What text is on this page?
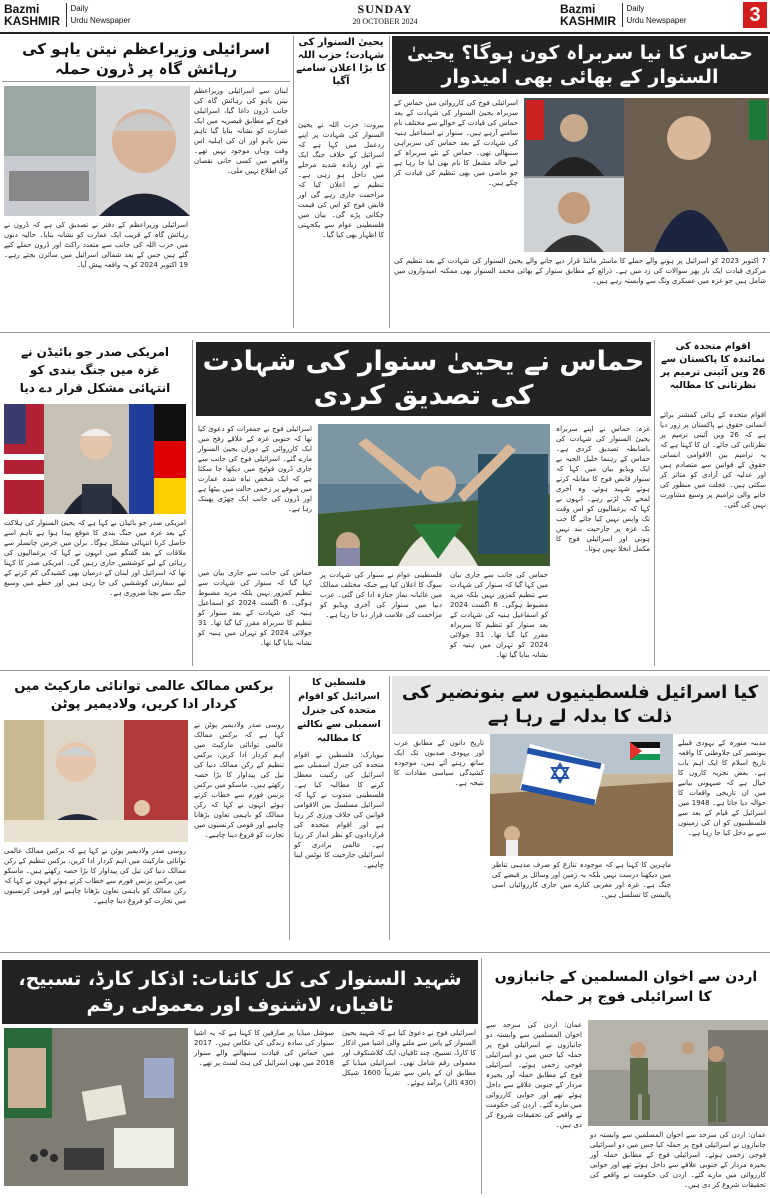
Bazmi
KASHMIR Daily
Urdu Newspaper
SUNDAY
20 OCTOBER 2024
Bazmi
KASHMIR Daily
Urdu Newspaper	3
حماس کا نیا سربراہ کون ہوگا؟ یحییٰ السنوار کے بھائی بھی امیدوار
اسرائیلی فوج کی کارروائی میں حماس کے سربراہ یحییٰ السنوار کی شہادت کے بعد حماس کی قیادت کے حوالے سے مختلف نام سامنے آرہے ہیں۔ سنوار نے اسماعیل ہنیہ کی شہادت کے بعد حماس کی سربراہی سنبھالی تھی۔ حماس کے نئے سربراہ کے لیے خالد مشعل کا نام بھی لیا جا رہا ہے جو ماضی میں بھی تنظیم کی قیادت کر چکے ہیں۔
7 اکتوبر 2023 کو اسرائیل پر ہونے والے حملے کا ماسٹر مائنڈ قرار دیے جانے والے یحییٰ السنوار کی شہادت کے بعد تنظیم کی مرکزی قیادت ایک بار پھر سوالات کی زد میں ہے۔ ذرائع کے مطابق سنوار کے بھائی محمد السنوار بھی ممکنہ امیدواروں میں شامل ہیں جو غزہ میں عسکری ونگ سے وابستہ رہے ہیں۔
یحییٰ السنوار کی شہادت؛ حزب اللہ کا بڑا اعلان سامنے آگیا
بیروت: حزب اللہ نے یحییٰ السنوار کی شہادت پر اپنے ردعمل میں کہا ہے کہ اسرائیل کے خلاف جنگ ایک نئے اور زیادہ شدید مرحلے میں داخل ہو رہی ہے۔ تنظیم نے اعلان کیا کہ مزاحمت جاری رہے گی اور قابض فوج کو اس کی قیمت چکانی پڑے گی۔ بیان میں فلسطینی عوام سے یکجہتی کا اظہار بھی کیا گیا۔
اسرائیلی وزیراعظم نیتن یاہو کی رہائش گاہ پر ڈرون حملہ
لبنان سے اسرائیلی وزیراعظم نیتن یاہو کی رہائش گاہ کی جانب ڈرون داغا گیا، اسرائیلی فوج کے مطابق قیصریہ میں ایک عمارت کو نشانہ بنایا گیا تاہم نیتن یاہو اور ان کی اہلیہ اس وقت وہاں موجود نہیں تھے۔ واقعے میں کسی جانی نقصان کی اطلاع نہیں ملی۔
اسرائیلی وزیراعظم کے دفتر نے تصدیق کی ہے کہ ڈرون نے رہائش گاہ کے قریب ایک عمارت کو نشانہ بنایا۔ حالیہ دنوں میں حزب اللہ کی جانب سے متعدد راکٹ اور ڈرون حملے کیے گئے ہیں جس کے بعد شمالی اسرائیل میں سائرن بجتے رہے۔ 19 اکتوبر 2024 کو یہ واقعہ پیش آیا۔
اقوام متحدہ کی نمائندہ کا پاکستان سے 26 ویں آئینی ترمیم پر نظرثانی کا مطالبہ
اقوام متحدہ کے ہائی کمشنر برائے انسانی حقوق نے پاکستان پر زور دیا ہے کہ 26 ویں آئینی ترمیم پر نظرثانی کی جائے۔ ان کا کہنا ہے کہ یہ ترامیم بین الاقوامی انسانی حقوق کے قوانین سے متصادم ہیں اور عدلیہ کی آزادی کو متاثر کر سکتی ہیں۔ عجلت میں منظور کی جانے والی ترامیم پر وسیع مشاورت نہیں کی گئی۔
حماس نے یحییٰ سنوار کی شہادت کی تصدیق کردی
غزہ: حماس نے اپنے سربراہ یحییٰ السنوار کی شہادت کی باضابطہ تصدیق کردی ہے۔ حماس کے رہنما خلیل الحیہ نے ایک ویڈیو بیان میں کہا کہ سنوار قابض فوج کا مقابلہ کرتے ہوئے شہید ہوئے، وہ آخری لمحے تک لڑتے رہے۔ انہوں نے کہا کہ یرغمالیوں کو اس وقت تک واپس نہیں کیا جائے گا جب تک غزہ پر جارحیت بند نہیں ہوتی اور اسرائیلی فوج کا مکمل انخلا نہیں ہوتا۔
اسرائیلی فوج نے جمعرات کو دعویٰ کیا تھا کہ جنوبی غزہ کے علاقے رفح میں ایک کارروائی کے دوران یحییٰ السنوار مارے گئے۔ اسرائیلی فوج کی جانب سے جاری ڈرون فوٹیج میں دیکھا جا سکتا ہے کہ ایک شخص تباہ شدہ عمارت میں صوفے پر زخمی حالت میں بیٹھا ہے اور ڈرون کی جانب ایک چھڑی پھینک رہا ہے۔
حماس کی جانب سے جاری بیان میں کہا گیا کہ سنوار کی شہادت سے تنظیم کمزور نہیں بلکہ مزید مضبوط ہوگی۔ 6 اگست 2024 کو اسماعیل ہنیہ کی شہادت کے بعد سنوار کو تنظیم کا سربراہ مقرر کیا گیا تھا۔ 31 جولائی 2024 کو تہران میں ہنیہ کو نشانہ بنایا گیا تھا۔
فلسطینی عوام نے سنوار کی شہادت پر سوگ کا اعلان کیا ہے جبکہ مختلف ممالک میں غائبانہ نماز جنازہ ادا کی گئی۔ عرب دنیا میں سنوار کی آخری ویڈیو کو مزاحمت کی علامت قرار دیا جا رہا ہے۔
حماس کی جانب سے جاری بیان میں کہا گیا کہ سنوار کی شہادت سے تنظیم کمزور نہیں بلکہ مزید مضبوط ہوگی۔ 6 اگست 2024 کو اسماعیل ہنیہ کی شہادت کے بعد سنوار کو تنظیم کا سربراہ مقرر کیا گیا تھا۔ 31 جولائی 2024 کو تہران میں ہنیہ کو نشانہ بنایا گیا تھا۔
امریکی صدر جو بائیڈن نے غزہ میں جنگ بندی کو انتہائی مشکل قرار دے دیا
امریکی صدر جو بائیڈن نے کہا ہے کہ یحییٰ السنوار کی ہلاکت کے بعد غزہ میں جنگ بندی کا موقع پیدا ہوا ہے تاہم اسے حاصل کرنا انتہائی مشکل ہوگا۔ برلن میں جرمن چانسلر سے ملاقات کے بعد گفتگو میں انہوں نے کہا کہ یرغمالیوں کی رہائی کے لیے کوششیں جاری رہیں گی۔ امریکی صدر کا کہنا تھا کہ اسرائیل اور لبنان کے درمیان بھی کشیدگی کم کرنے کے لیے سفارتی کوششیں کی جا رہی ہیں اور خطے میں وسیع جنگ سے بچنا ضروری ہے۔
کیا اسرائیل فلسطینیوں سے بنونضیر کی ذلت کا بدلہ لے رہا ہے
مدینہ منورہ کے یہودی قبیلے بنونضیر کی جلاوطنی کا واقعہ تاریخ اسلام کا ایک اہم باب ہے۔ بعض تجزیہ کاروں کا خیال ہے کہ صیہونی بیانیے میں ان تاریخی واقعات کا حوالہ دیا جاتا ہے۔ 1948 میں اسرائیل کے قیام کے بعد سے فلسطینیوں کو ان کی زمینوں سے بے دخل کیا جا رہا ہے۔
ماہرین کا کہنا ہے کہ موجودہ تنازع کو صرف مذہبی تناظر میں دیکھنا درست نہیں بلکہ یہ زمین اور وسائل پر قبضے کی جنگ ہے۔ غزہ اور مغربی کنارے میں جاری کارروائیاں اسی پالیسی کا تسلسل ہیں۔
تاریخ دانوں کے مطابق عرب اور یہودی صدیوں تک ایک ساتھ رہتے آئے ہیں، موجودہ کشیدگی سیاسی مفادات کا نتیجہ ہے۔
فلسطین کا اسرائیل کو اقوام متحدہ کی جنرل اسمبلی سے نکالنے کا مطالبہ
نیویارک: فلسطین نے اقوام متحدہ کی جنرل اسمبلی سے اسرائیل کی رکنیت معطل کرنے کا مطالبہ کیا ہے۔ فلسطینی مندوب نے کہا کہ اسرائیل مسلسل بین الاقوامی قوانین کی خلاف ورزی کر رہا ہے اور اقوام متحدہ کی قراردادوں کو نظر انداز کر رہا ہے۔ عالمی برادری کو اسرائیلی جارحیت کا نوٹس لینا چاہیے۔
برکس ممالک عالمی توانائی مارکیٹ میں کردار ادا کریں، ولادیمیر پوٹن
روسی صدر ولادیمیر پوٹن نے کہا ہے کہ برکس ممالک عالمی توانائی مارکیٹ میں اہم کردار ادا کریں، برکس تنظیم کے رکن ممالک دنیا کی تیل کی پیداوار کا بڑا حصہ رکھتے ہیں۔ ماسکو میں برکس بزنس فورم سے خطاب کرتے ہوئے انہوں نے کہا کہ رکن ممالک کو باہمی تعاون بڑھانا چاہیے اور قومی کرنسیوں میں تجارت کو فروغ دینا چاہیے۔
روسی صدر ولادیمیر پوٹن نے کہا ہے کہ برکس ممالک عالمی توانائی مارکیٹ میں اہم کردار ادا کریں، برکس تنظیم کے رکن ممالک دنیا کی تیل کی پیداوار کا بڑا حصہ رکھتے ہیں۔ ماسکو میں برکس بزنس فورم سے خطاب کرتے ہوئے انہوں نے کہا کہ رکن ممالک کو باہمی تعاون بڑھانا چاہیے اور قومی کرنسیوں میں تجارت کو فروغ دینا چاہیے۔
اردن سے اخوان المسلمین کے جانبازوں کا اسرائیلی فوج پر حملہ
عمان: اردن کی سرحد سے اخوان المسلمین سے وابستہ دو جانبازوں نے اسرائیلی فوج پر حملہ کیا جس میں دو اسرائیلی فوجی زخمی ہوئے۔ اسرائیلی فوج کے مطابق حملہ آور بحیرہ مردار کے جنوبی علاقے سے داخل ہوئے تھے اور جوابی کارروائی میں مارے گئے۔ اردن کی حکومت نے واقعے کی تحقیقات شروع کر دی ہیں۔
عمان: اردن کی سرحد سے اخوان المسلمین سے وابستہ دو جانبازوں نے اسرائیلی فوج پر حملہ کیا جس میں دو اسرائیلی فوجی زخمی ہوئے۔ اسرائیلی فوج کے مطابق حملہ آور بحیرہ مردار کے جنوبی علاقے سے داخل ہوئے تھے اور جوابی کارروائی میں مارے گئے۔ اردن کی حکومت نے واقعے کی تحقیقات شروع کر دی ہیں۔
شہید السنوار کی کل کائنات: اذکار کارڈ، تسبیح، ٹافیاں، لاشنوف اور معمولی رقم
اسرائیلی فوج نے دعویٰ کیا ہے کہ شہید یحییٰ السنوار کے پاس سے ملنے والی اشیا میں اذکار کا کارڈ، تسبیح، چند ٹافیاں، ایک کلاشنکوف اور معمولی رقم شامل تھی۔ اسرائیلی میڈیا کے مطابق ان کے پاس سے تقریباً 1600 شیکل (430 ڈالر) برآمد ہوئے۔
سوشل میڈیا پر صارفین کا کہنا ہے کہ یہ اشیا سنوار کی سادہ زندگی کی عکاس ہیں۔ 2017 میں حماس کی قیادت سنبھالنے والے سنوار 2018 میں بھی اسرائیل کی ہٹ لسٹ پر تھے۔
